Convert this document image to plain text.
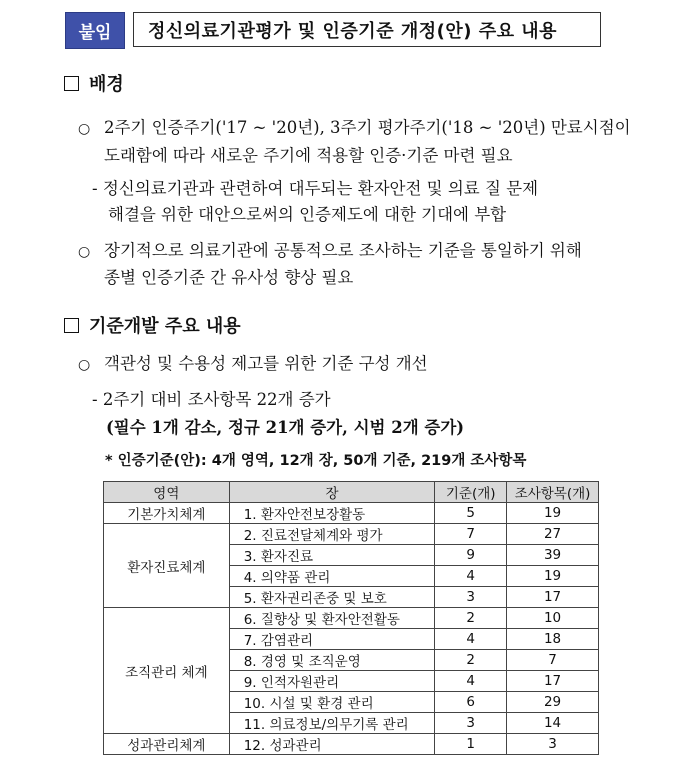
붙임	정신의료기관평가 및 인증기준 개정(안) 주요 내용
배경
○ 2주기 인증주기('17 ~ '20년), 3주기 평가주기('18 ~ '20년) 만료시점이
도래함에 따라 새로운 주기에 적용할 인증·기준 마련 필요
- 정신의료기관과 관련하여 대두되는 환자안전 및 의료 질 문제
해결을 위한 대안으로써의 인증제도에 대한 기대에 부합
○ 장기적으로 의료기관에 공통적으로 조사하는 기준을 통일하기 위해
종별 인증기준 간 유사성 향상 필요
기준개발 주요 내용
○ 객관성 및 수용성 제고를 위한 기준 구성 개선
- 2주기 대비 조사항목 22개 증가
(필수 1개 감소, 정규 21개 증가, 시범 2개 증가)
* 인증기준(안): 4개 영역, 12개 장, 50개 기준, 219개 조사항목
영역	장	기준(개)	조사항목(개)
기본가치체계	1. 환자안전보장활동	5	19
환자진료체계	2. 진료전달체계와 평가	7	27
	3. 환자진료	9	39
	4. 의약품 관리	4	19
	5. 환자권리존중 및 보호	3	17
조직관리 체계	6. 질향상 및 환자안전활동	2	10
	7. 감염관리	4	18
	8. 경영 및 조직운영	2	7
	9. 인적자원관리	4	17
	10. 시설 및 환경 관리	6	29
	11. 의료정보/의무기록 관리	3	14
성과관리체계	12. 성과관리	1	3
